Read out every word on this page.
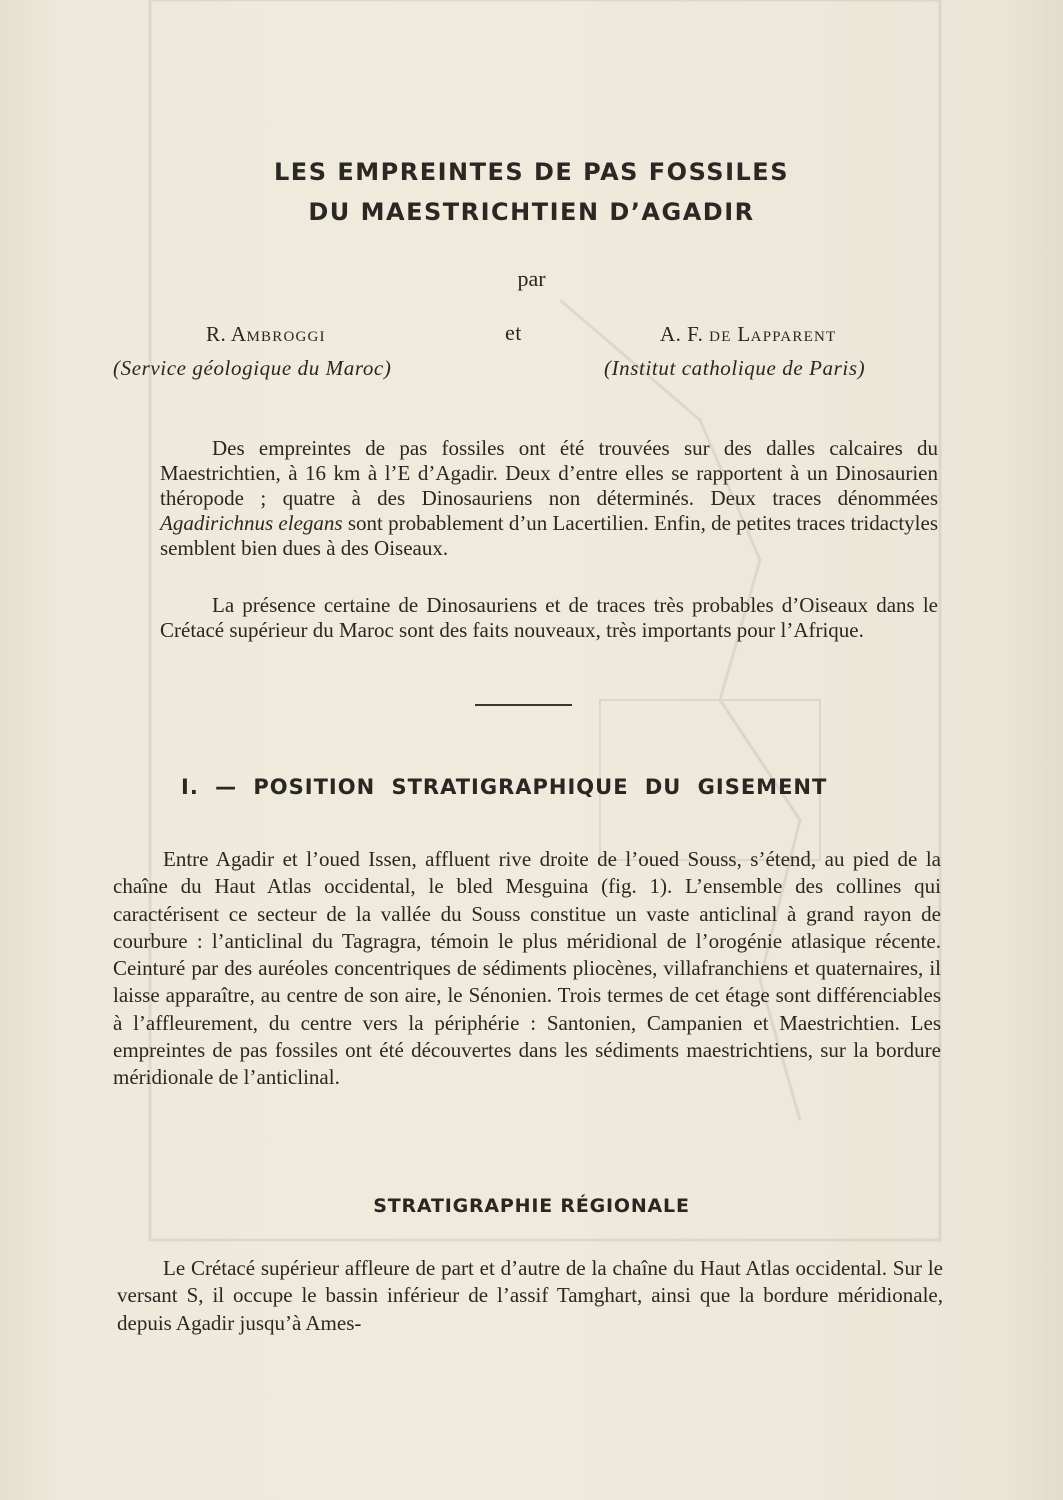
LES EMPREINTES DE PAS FOSSILES
DU MAESTRICHTIEN D’AGADIR
par
R. AMBROGGI	et	A. F. DE LAPPARENT
(Service géologique du Maroc)	(Institut catholique de Paris)
Des empreintes de pas fossiles ont été trouvées sur des dalles calcaires du Maestrichtien, à 16 km à l’E d’Agadir. Deux d’entre elles se rapportent à un Dinosaurien théropode ; quatre à des Dinosauriens non déterminés. Deux traces dénommées Agadirichnus elegans sont probablement d’un Lacertilien. Enfin, de petites traces tridactyles semblent bien dues à des Oiseaux.
La présence certaine de Dinosauriens et de traces très probables d’Oiseaux dans le Crétacé supérieur du Maroc sont des faits nouveaux, très importants pour l’Afrique.
I. — POSITION STRATIGRAPHIQUE DU GISEMENT
Entre Agadir et l’oued Issen, affluent rive droite de l’oued Souss, s’étend, au pied de la chaîne du Haut Atlas occidental, le bled Mesguina (fig. 1). L’ensemble des collines qui caractérisent ce secteur de la vallée du Souss constitue un vaste anticlinal à grand rayon de courbure : l’anticlinal du Tagragra, témoin le plus méridional de l’orogénie atlasique récente. Ceinturé par des auréoles concentriques de sédiments pliocènes, villafranchiens et quaternaires, il laisse apparaître, au centre de son aire, le Sénonien. Trois termes de cet étage sont différenciables à l’affleurement, du centre vers la périphérie : Santonien, Campanien et Maestrichtien. Les empreintes de pas fossiles ont été découvertes dans les sédiments maestrichtiens, sur la bordure méridionale de l’anticlinal.
STRATIGRAPHIE RÉGIONALE
Le Crétacé supérieur affleure de part et d’autre de la chaîne du Haut Atlas occidental. Sur le versant S, il occupe le bassin inférieur de l’assif Tamghart, ainsi que la bordure méridionale, depuis Agadir jusqu’à Ames-
